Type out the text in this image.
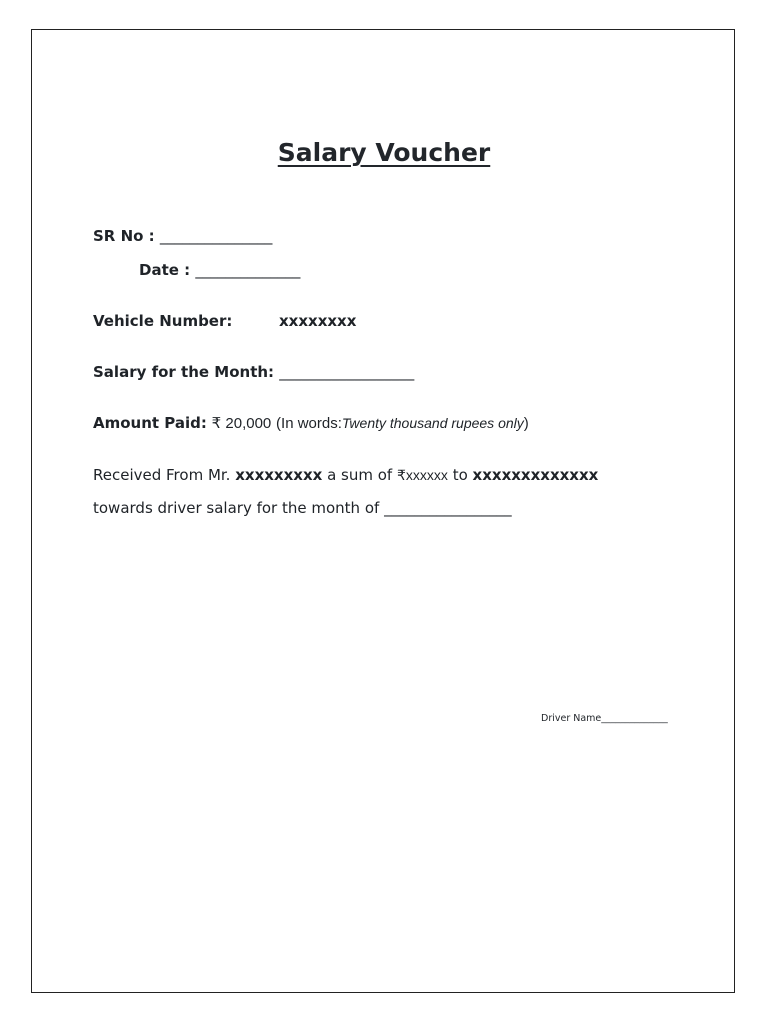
Salary Voucher
SR No : _______________
Date : ______________
Vehicle Number:	xxxxxxxx
Salary for the Month: __________________
Amount Paid: ₹ 20,000 (In words:Twenty thousand rupees only)
Received From Mr. xxxxxxxxx a sum of ₹xxxxxx to xxxxxxxxxxxxx
towards driver salary for the month of _________________
Driver Name______________
